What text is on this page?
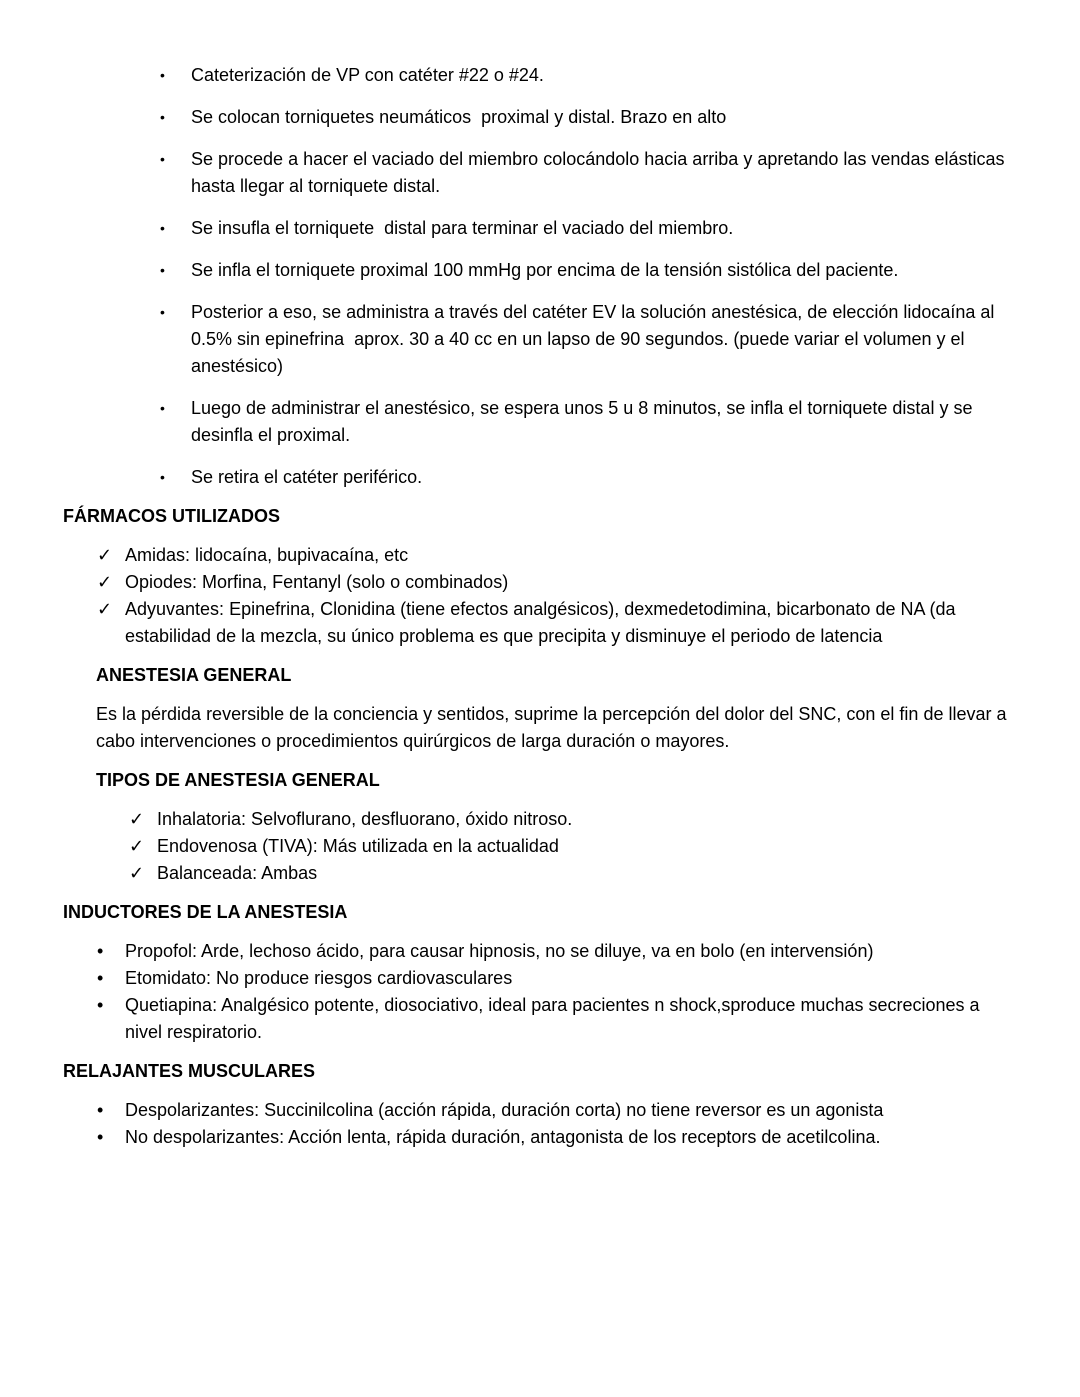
•	Cateterización de VP con catéter #22 o #24.
•	Se colocan torniquetes neumáticos  proximal y distal. Brazo en alto
•	Se procede a hacer el vaciado del miembro colocándolo hacia arriba y apretando las vendas elásticas hasta llegar al torniquete distal.
•	Se insufla el torniquete  distal para terminar el vaciado del miembro.
•	Se infla el torniquete proximal 100 mmHg por encima de la tensión sistólica del paciente.
•	Posterior a eso, se administra a través del catéter EV la solución anestésica, de elección lidocaína al 0.5% sin epinefrina  aprox. 30 a 40 cc en un lapso de 90 segundos. (puede variar el volumen y el anestésico)
•	Luego de administrar el anestésico, se espera unos 5 u 8 minutos, se infla el torniquete distal y se desinfla el proximal.
•	Se retira el catéter periférico.
FÁRMACOS UTILIZADOS
✓ Amidas: lidocaína, bupivacaína, etc
✓ Opiodes: Morfina, Fentanyl (solo o combinados)
✓ Adyuvantes: Epinefrina, Clonidina (tiene efectos analgésicos), dexmedetodimina, bicarbonato de NA (da estabilidad de la mezcla, su único problema es que precipita y disminuye el periodo de latencia
ANESTESIA GENERAL

Es la pérdida reversible de la conciencia y sentidos, suprime la percepción del dolor del SNC, con el fin de llevar a cabo intervenciones o procedimientos quirúrgicos de larga duración o mayores.

TIPOS DE ANESTESIA GENERAL
✓ Inhalatoria: Selvoflurano, desfluorano, óxido nitroso.
✓ Endovenosa (TIVA): Más utilizada en la actualidad
✓ Balanceada: Ambas
INDUCTORES DE LA ANESTESIA
•	Propofol: Arde, lechoso ácido, para causar hipnosis, no se diluye, va en bolo (en intervensión)
•	Etomidato: No produce riesgos cardiovasculares
•	Quetiapina: Analgésico potente, diosociativo, ideal para pacientes n shock,sproduce muchas secreciones a nivel respiratorio.
RELAJANTES MUSCULARES
•	Despolarizantes: Succinilcolina (acción rápida, duración corta) no tiene reversor es un agonista
•	No despolarizantes: Acción lenta, rápida duración, antagonista de los receptors de acetilcolina.
